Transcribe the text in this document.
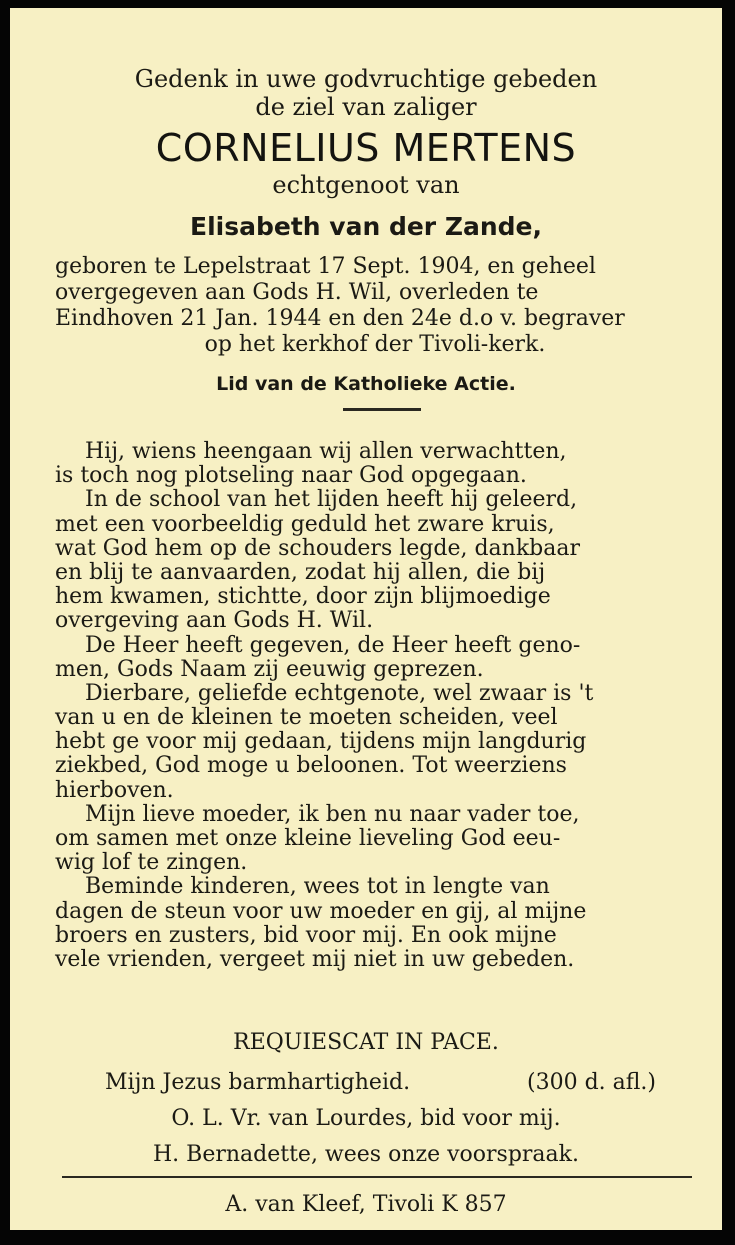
Gedenk in uwe godvruchtige gebeden
de ziel van zaliger
CORNELIUS MERTENS
echtgenoot van
Elisabeth van der Zande,
geboren te Lepelstraat 17 Sept. 1904, en geheel
overgegeven aan Gods H. Wil, overleden te
Eindhoven 21 Jan. 1944 en den 24e d.o v. begraver
op het kerkhof der Tivoli-kerk.
Lid van de Katholieke Actie.
Hij, wiens heengaan wij allen verwachtten,
is toch nog plotseling naar God opgegaan.
In de school van het lijden heeft hij geleerd,
met een voorbeeldig geduld het zware kruis,
wat God hem op de schouders legde, dankbaar
en blij te aanvaarden, zodat hij allen, die bij
hem kwamen, stichtte, door zijn blijmoedige
overgeving aan Gods H. Wil.
De Heer heeft gegeven, de Heer heeft geno-
men, Gods Naam zij eeuwig geprezen.
Dierbare, geliefde echtgenote, wel zwaar is 't
van u en de kleinen te moeten scheiden, veel
hebt ge voor mij gedaan, tijdens mijn langdurig
ziekbed, God moge u beloonen. Tot weerziens
hierboven.
Mijn lieve moeder, ik ben nu naar vader toe,
om samen met onze kleine lieveling God eeu-
wig lof te zingen.
Beminde kinderen, wees tot in lengte van
dagen de steun voor uw moeder en gij, al mijne
broers en zusters, bid voor mij. En ook mijne
vele vrienden, vergeet mij niet in uw gebeden.
REQUIESCAT IN PACE.
Mijn Jezus barmhartigheid.	(300 d. afl.)
O. L. Vr. van Lourdes, bid voor mij.
H. Bernadette, wees onze voorspraak.
A. van Kleef, Tivoli K 857
